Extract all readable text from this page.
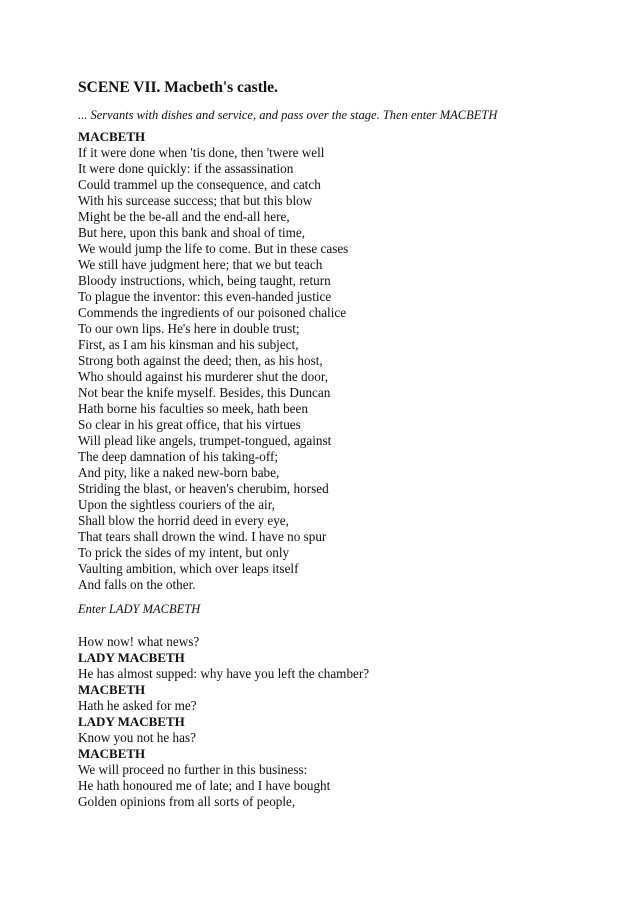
SCENE VII. Macbeth's castle.
... Servants with dishes and service, and pass over the stage. Then enter MACBETH
MACBETH
If it were done when 'tis done, then 'twere well
It were done quickly: if the assassination
Could trammel up the consequence, and catch
With his surcease success; that but this blow
Might be the be-all and the end-all here,
But here, upon this bank and shoal of time,
We would jump the life to come. But in these cases
We still have judgment here; that we but teach
Bloody instructions, which, being taught, return
To plague the inventor: this even-handed justice
Commends the ingredients of our poisoned chalice
To our own lips. He's here in double trust;
First, as I am his kinsman and his subject,
Strong both against the deed; then, as his host,
Who should against his murderer shut the door,
Not bear the knife myself. Besides, this Duncan
Hath borne his faculties so meek, hath been
So clear in his great office, that his virtues
Will plead like angels, trumpet-tongued, against
The deep damnation of his taking-off;
And pity, like a naked new-born babe,
Striding the blast, or heaven's cherubim, horsed
Upon the sightless couriers of the air,
Shall blow the horrid deed in every eye,
That tears shall drown the wind. I have no spur
To prick the sides of my intent, but only
Vaulting ambition, which over leaps itself
And falls on the other.
Enter LADY MACBETH
How now! what news?
LADY MACBETH
He has almost supped: why have you left the chamber?
MACBETH
Hath he asked for me?
LADY MACBETH
Know you not he has?
MACBETH
We will proceed no further in this business:
He hath honoured me of late; and I have bought
Golden opinions from all sorts of people,
